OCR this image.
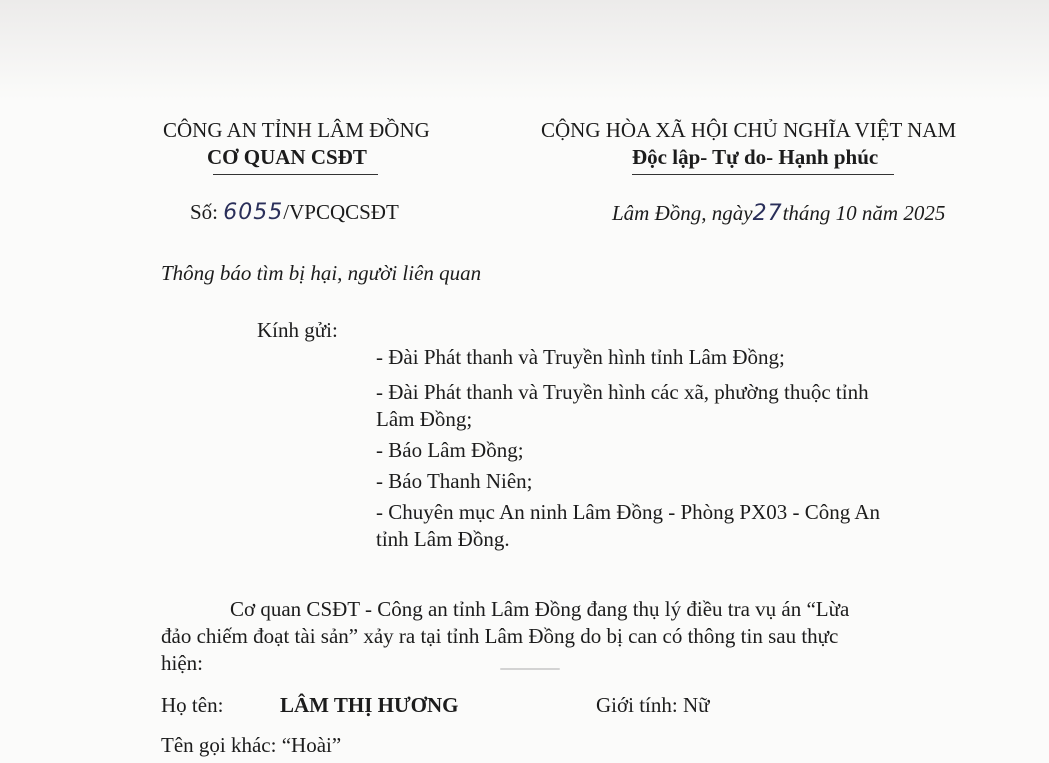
CÔNG AN TỈNH LÂM ĐỒNG
CƠ QUAN CSĐT
CỘNG HÒA XÃ HỘI CHỦ NGHĨA VIỆT NAM
Độc lập- Tự do- Hạnh phúc
Số: 6055/VPCQCSĐT	Lâm Đồng, ngày27tháng 10 năm 2025
Thông báo tìm bị hại, người liên quan
Kính gửi:
- Đài Phát thanh và Truyền hình tỉnh Lâm Đồng;
- Đài Phát thanh và Truyền hình các xã, phường thuộc tỉnh
Lâm Đồng;
- Báo Lâm Đồng;
- Báo Thanh Niên;
- Chuyên mục An ninh Lâm Đồng - Phòng PX03 - Công An
tỉnh Lâm Đồng.
Cơ quan CSĐT - Công an tỉnh Lâm Đồng đang thụ lý điều tra vụ án “Lừa
đảo chiếm đoạt tài sản” xảy ra tại tỉnh Lâm Đồng do bị can có thông tin sau thực
hiện:
Họ tên:	LÂM THỊ HƯƠNG	Giới tính: Nữ
Tên gọi khác: “Hoài”
